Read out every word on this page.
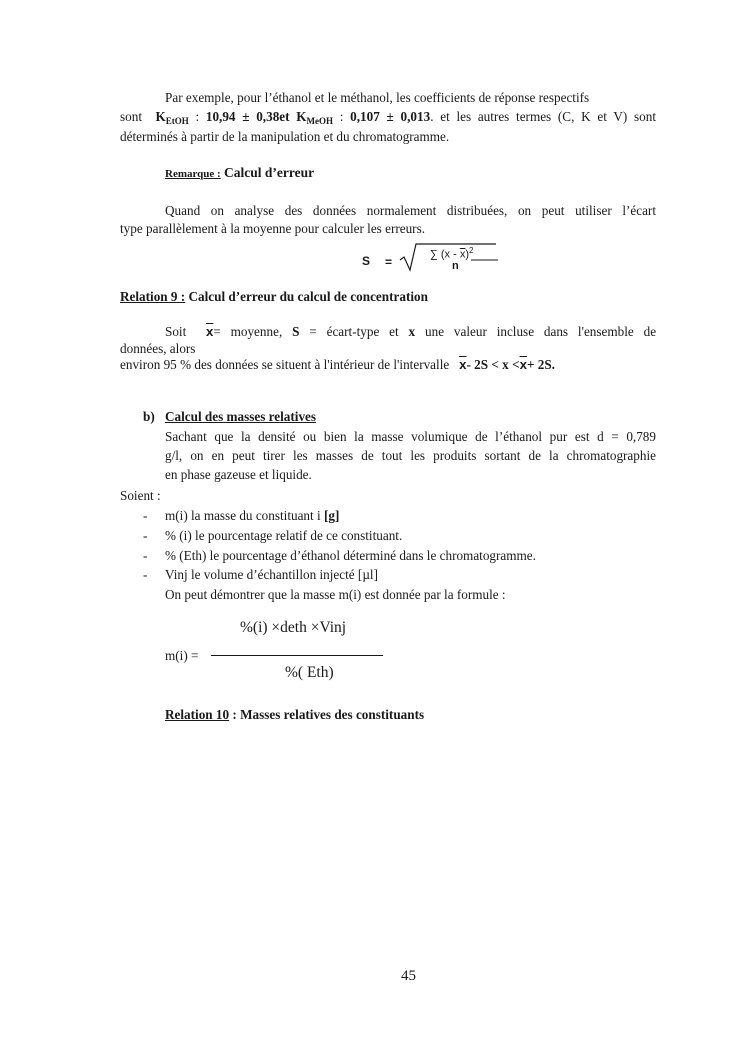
Par exemple, pour l’éthanol et le méthanol, les coefficients de réponse respectifs
sont $K_{EtOH}$ : 10,94 ± 0,38et $K_{MeOH}$ : 0,107 ± 0,013. et les autres termes (C, K et V) sont
déterminés à partir de la manipulation et du chromatogramme.
Remarque : Calcul d’erreur
Quand on analyse des données normalement distribuées, on peut utiliser l’écart
type parallèlement à la moyenne pour calculer les erreurs.
S =
∑ $(x - \overline{x})^2$
n
Relation 9 : Calcul d’erreur du calcul de concentration
Soit $\overline{x}=$ moyenne, S = écart-type et x une valeur incluse dans l'ensemble de
données, alors
environ 95 % des données se situent à l'intérieur de l'intervalle $\overline{x}-$ $2S < x <\overline{x}+ 2S$.
b) Calcul des masses relatives
Sachant que la densité ou bien la masse volumique de l’éthanol pur est d = 0,789
g/l, on en peut tirer les masses de tout les produits sortant de la chromatographie
en phase gazeuse et liquide.
Soient :
- m(i) la masse du constituant i [g]
- % (i) le pourcentage relatif de ce constituant.
- % (Eth) le pourcentage d’éthanol déterminé dans le chromatogramme.
- Vinj le volume d’échantillon injecté [µl]
On peut démontrer que la masse m(i) est donnée par la formule :
%(i) ×deth ×Vinj
m(i) =
%( Eth)
Relation 10 : Masses relatives des constituants
45
